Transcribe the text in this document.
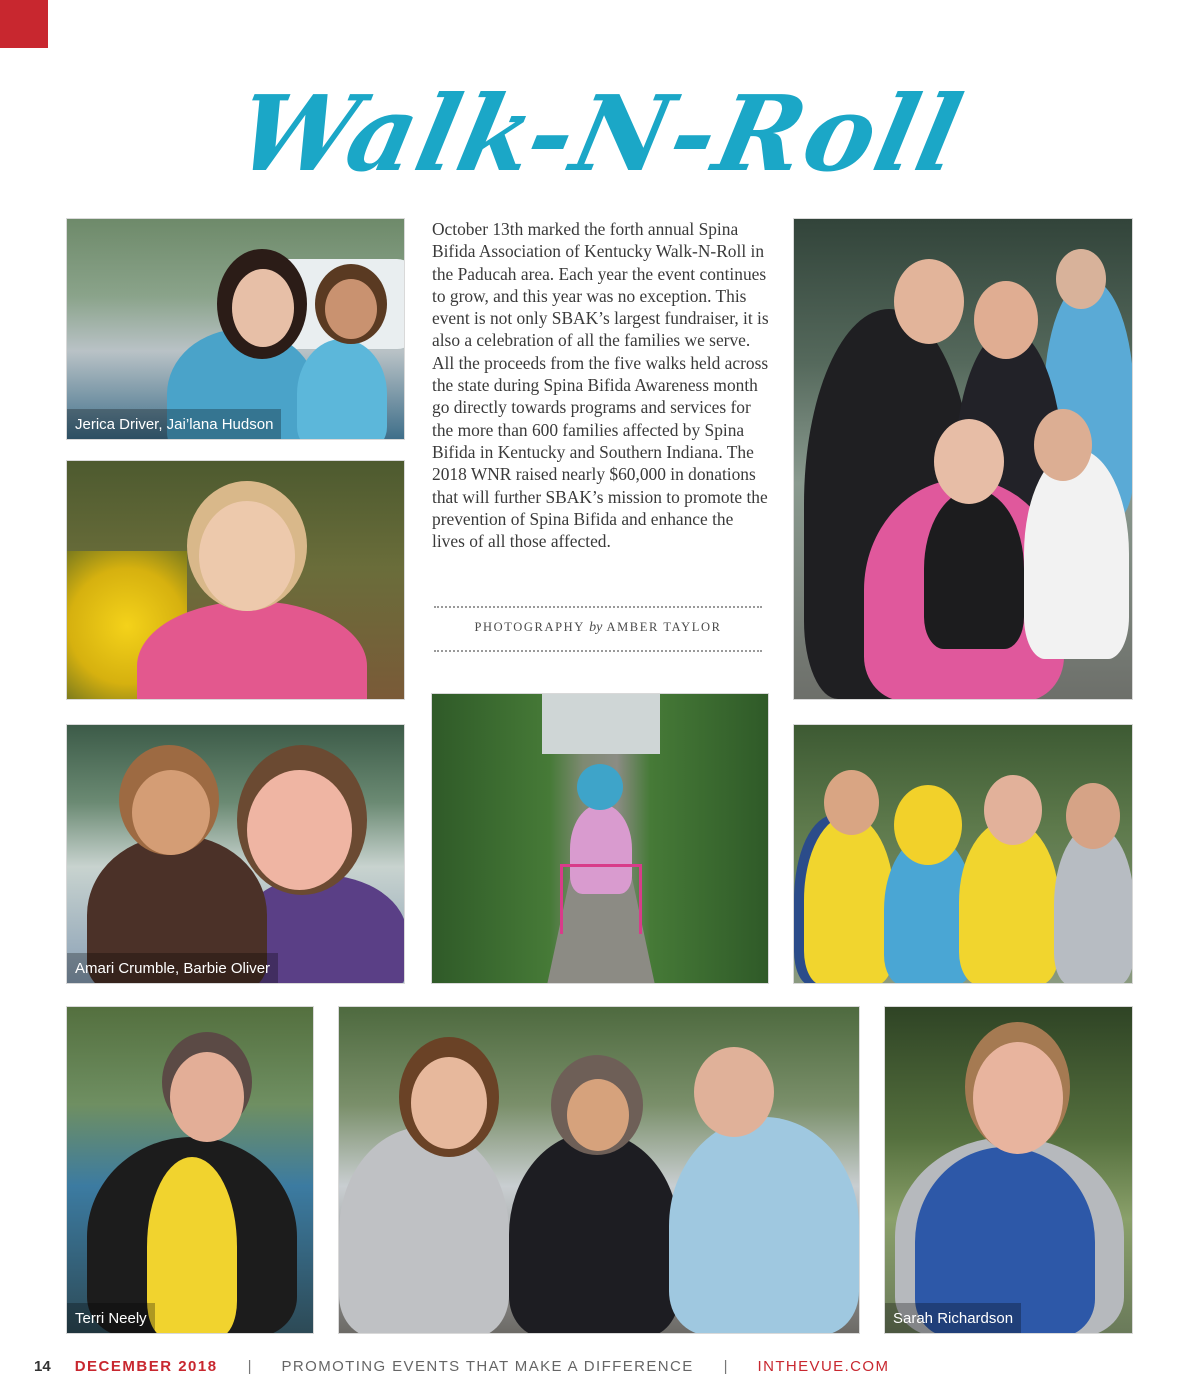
Walk-N-Roll
Jerica Driver, Jai’lana Hudson
Amari Crumble, Barbie Oliver
Terri Neely	Sarah Richardson

October 13th marked the forth annual Spina Bifida Association of Kentucky Walk-N-Roll in the Paducah area. Each year the event continues to grow, and this year was no exception. This event is not only SBAK’s largest fundraiser, it is also a celebration of all the families we serve. All the proceeds from the five walks held across the state during Spina Bifida Awareness month go directly towards programs and services for the more than 600 families affected by Spina Bifida in Kentucky and Southern Indiana. The 2018 WNR raised nearly $60,000 in donations that will further SBAK’s mission to promote the prevention of Spina Bifida and enhance the lives of all those affected.

PHOTOGRAPHY by AMBER TAYLOR
14 DECEMBER 2018 | PROMOTING EVENTS THAT MAKE A DIFFERENCE | INTHEVUE.COM
